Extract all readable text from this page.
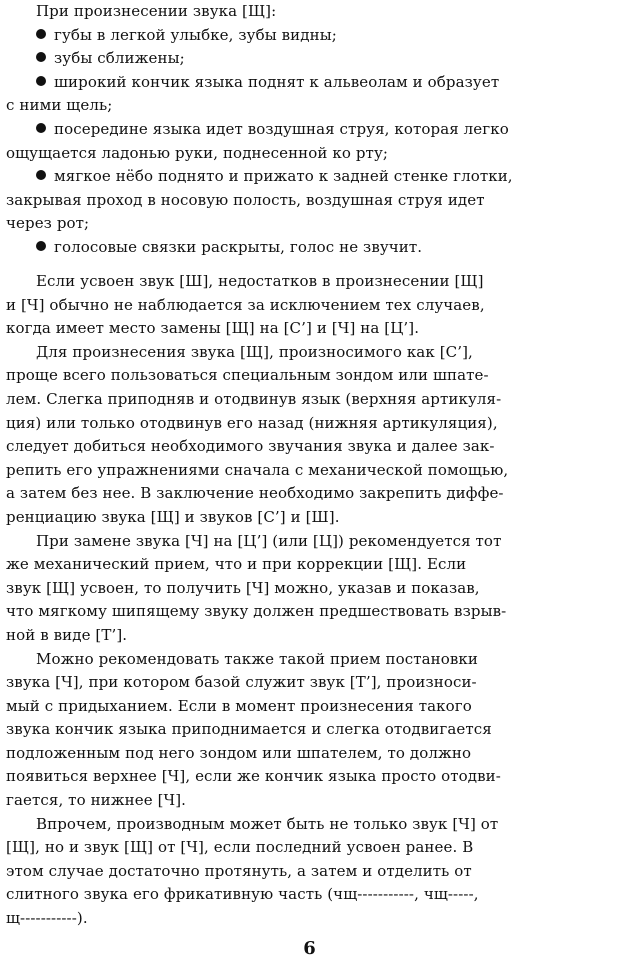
При произнесении звука [Щ]:
губы в легкой улыбке, зубы видны;
зубы сближены;
широкий кончик языка поднят к альвеолам и образует
с ними щель;
посередине языка идет воздушная струя, которая легко
ощущается ладонью руки, поднесенной ко рту;
мягкое нёбо поднято и прижато к задней стенке глотки,
закрывая проход в носовую полость, воздушная струя идет
через рот;
голосовые связки раскрыты, голос не звучит.
Если усвоен звук [Ш], недостатков в произнесении [Щ]
и [Ч] обычно не наблюдается за исключением тех случаев,
когда имеет место замены [Щ] на [С’] и [Ч] на [Ц’].
Для произнесения звука [Щ], произносимого как [С’],
проще всего пользоваться специальным зондом или шпате-
лем. Слегка приподняв и отодвинув язык (верхняя артикуля-
ция) или только отодвинув его назад (нижняя артикуляция),
следует добиться необходимого звучания звука и далее зак-
репить его упражнениями сначала с механической помощью,
а затем без нее. В заключение необходимо закрепить диффе-
ренциацию звука [Щ] и звуков [С’] и [Ш].
При замене звука [Ч] на [Ц’] (или [Ц]) рекомендуется тот
же механический прием, что и при коррекции [Щ]. Если
звук [Щ] усвоен, то получить [Ч] можно, указав и показав,
что мягкому шипящему звуку должен предшествовать взрыв-
ной в виде [Т’].
Можно рекомендовать также такой прием постановки
звука [Ч], при котором базой служит звук [Т’], произноси-
мый с придыханием. Если в момент произнесения такого
звука кончик языка приподнимается и слегка отодвигается
подложенным под него зондом или шпателем, то должно
появиться верхнее [Ч], если же кончик языка просто отодви-
гается, то нижнее [Ч].
Впрочем, производным может быть не только звук [Ч] от
[Щ], но и звук [Щ] от [Ч], если последний усвоен ранее. В
этом случае достаточно протянуть, а затем и отделить от
слитного звука его фрикативную часть (чщ-----------, чщ-----,
щ-----------).
6
